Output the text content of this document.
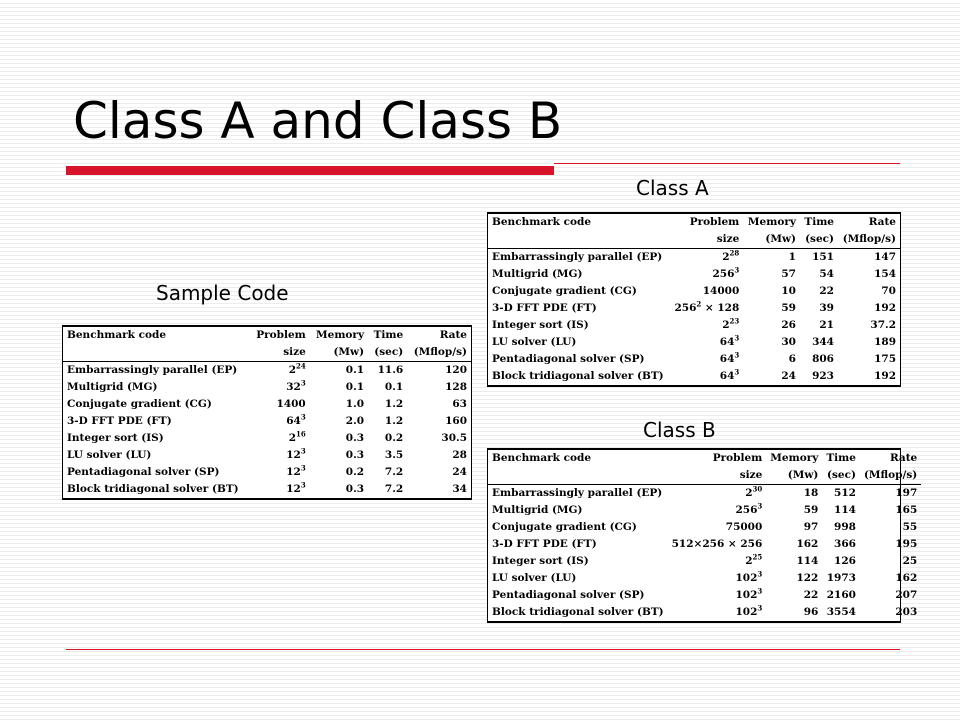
Class A and Class B
Class A
Sample Code
Class B
Benchmark code	Problem	Memory	Time	Rate
	size	(Mw)	(sec)	(Mflop/s)
Embarrassingly parallel (EP)	$2^{24}$	0.1	11.6	120
Multigrid (MG)	$32^3$	0.1	0.1	128
Conjugate gradient (CG)	1400	1.0	1.2	63
3-D FFT PDE (FT)	$64^3$	2.0	1.2	160
Integer sort (IS)	$2^{16}$	0.3	0.2	30.5
LU solver (LU)	$12^3$	0.3	3.5	28
Pentadiagonal solver (SP)	$12^3$	0.2	7.2	24
Block tridiagonal solver (BT)	$12^3$	0.3	7.2	34
Benchmark code	Problem	Memory	Time	Rate
	size	(Mw)	(sec)	(Mflop/s)
Embarrassingly parallel (EP)	$2^{28}$	1	151	147
Multigrid (MG)	$256^3$	57	54	154
Conjugate gradient (CG)	14000	10	22	70
3-D FFT PDE (FT)	$256^2 \times 128$	59	39	192
Integer sort (IS)	$2^{23}$	26	21	37.2
LU solver (LU)	$64^3$	30	344	189
Pentadiagonal solver (SP)	$64^3$	6	806	175
Block tridiagonal solver (BT)	$64^3$	24	923	192
Benchmark code	Problem	Memory	Time	Rate
	size	(Mw)	(sec)	(Mflop/s)
Embarrassingly parallel (EP)	$2^{30}$	18	512	197
Multigrid (MG)	$256^3$	59	114	165
Conjugate gradient (CG)	75000	97	998	55
3-D FFT PDE (FT)	512×256 × 256	162	366	195
Integer sort (IS)	$2^{25}$	114	126	25
LU solver (LU)	$102^3$	122	1973	162
Pentadiagonal solver (SP)	$102^3$	22	2160	207
Block tridiagonal solver (BT)	$102^3$	96	3554	203
